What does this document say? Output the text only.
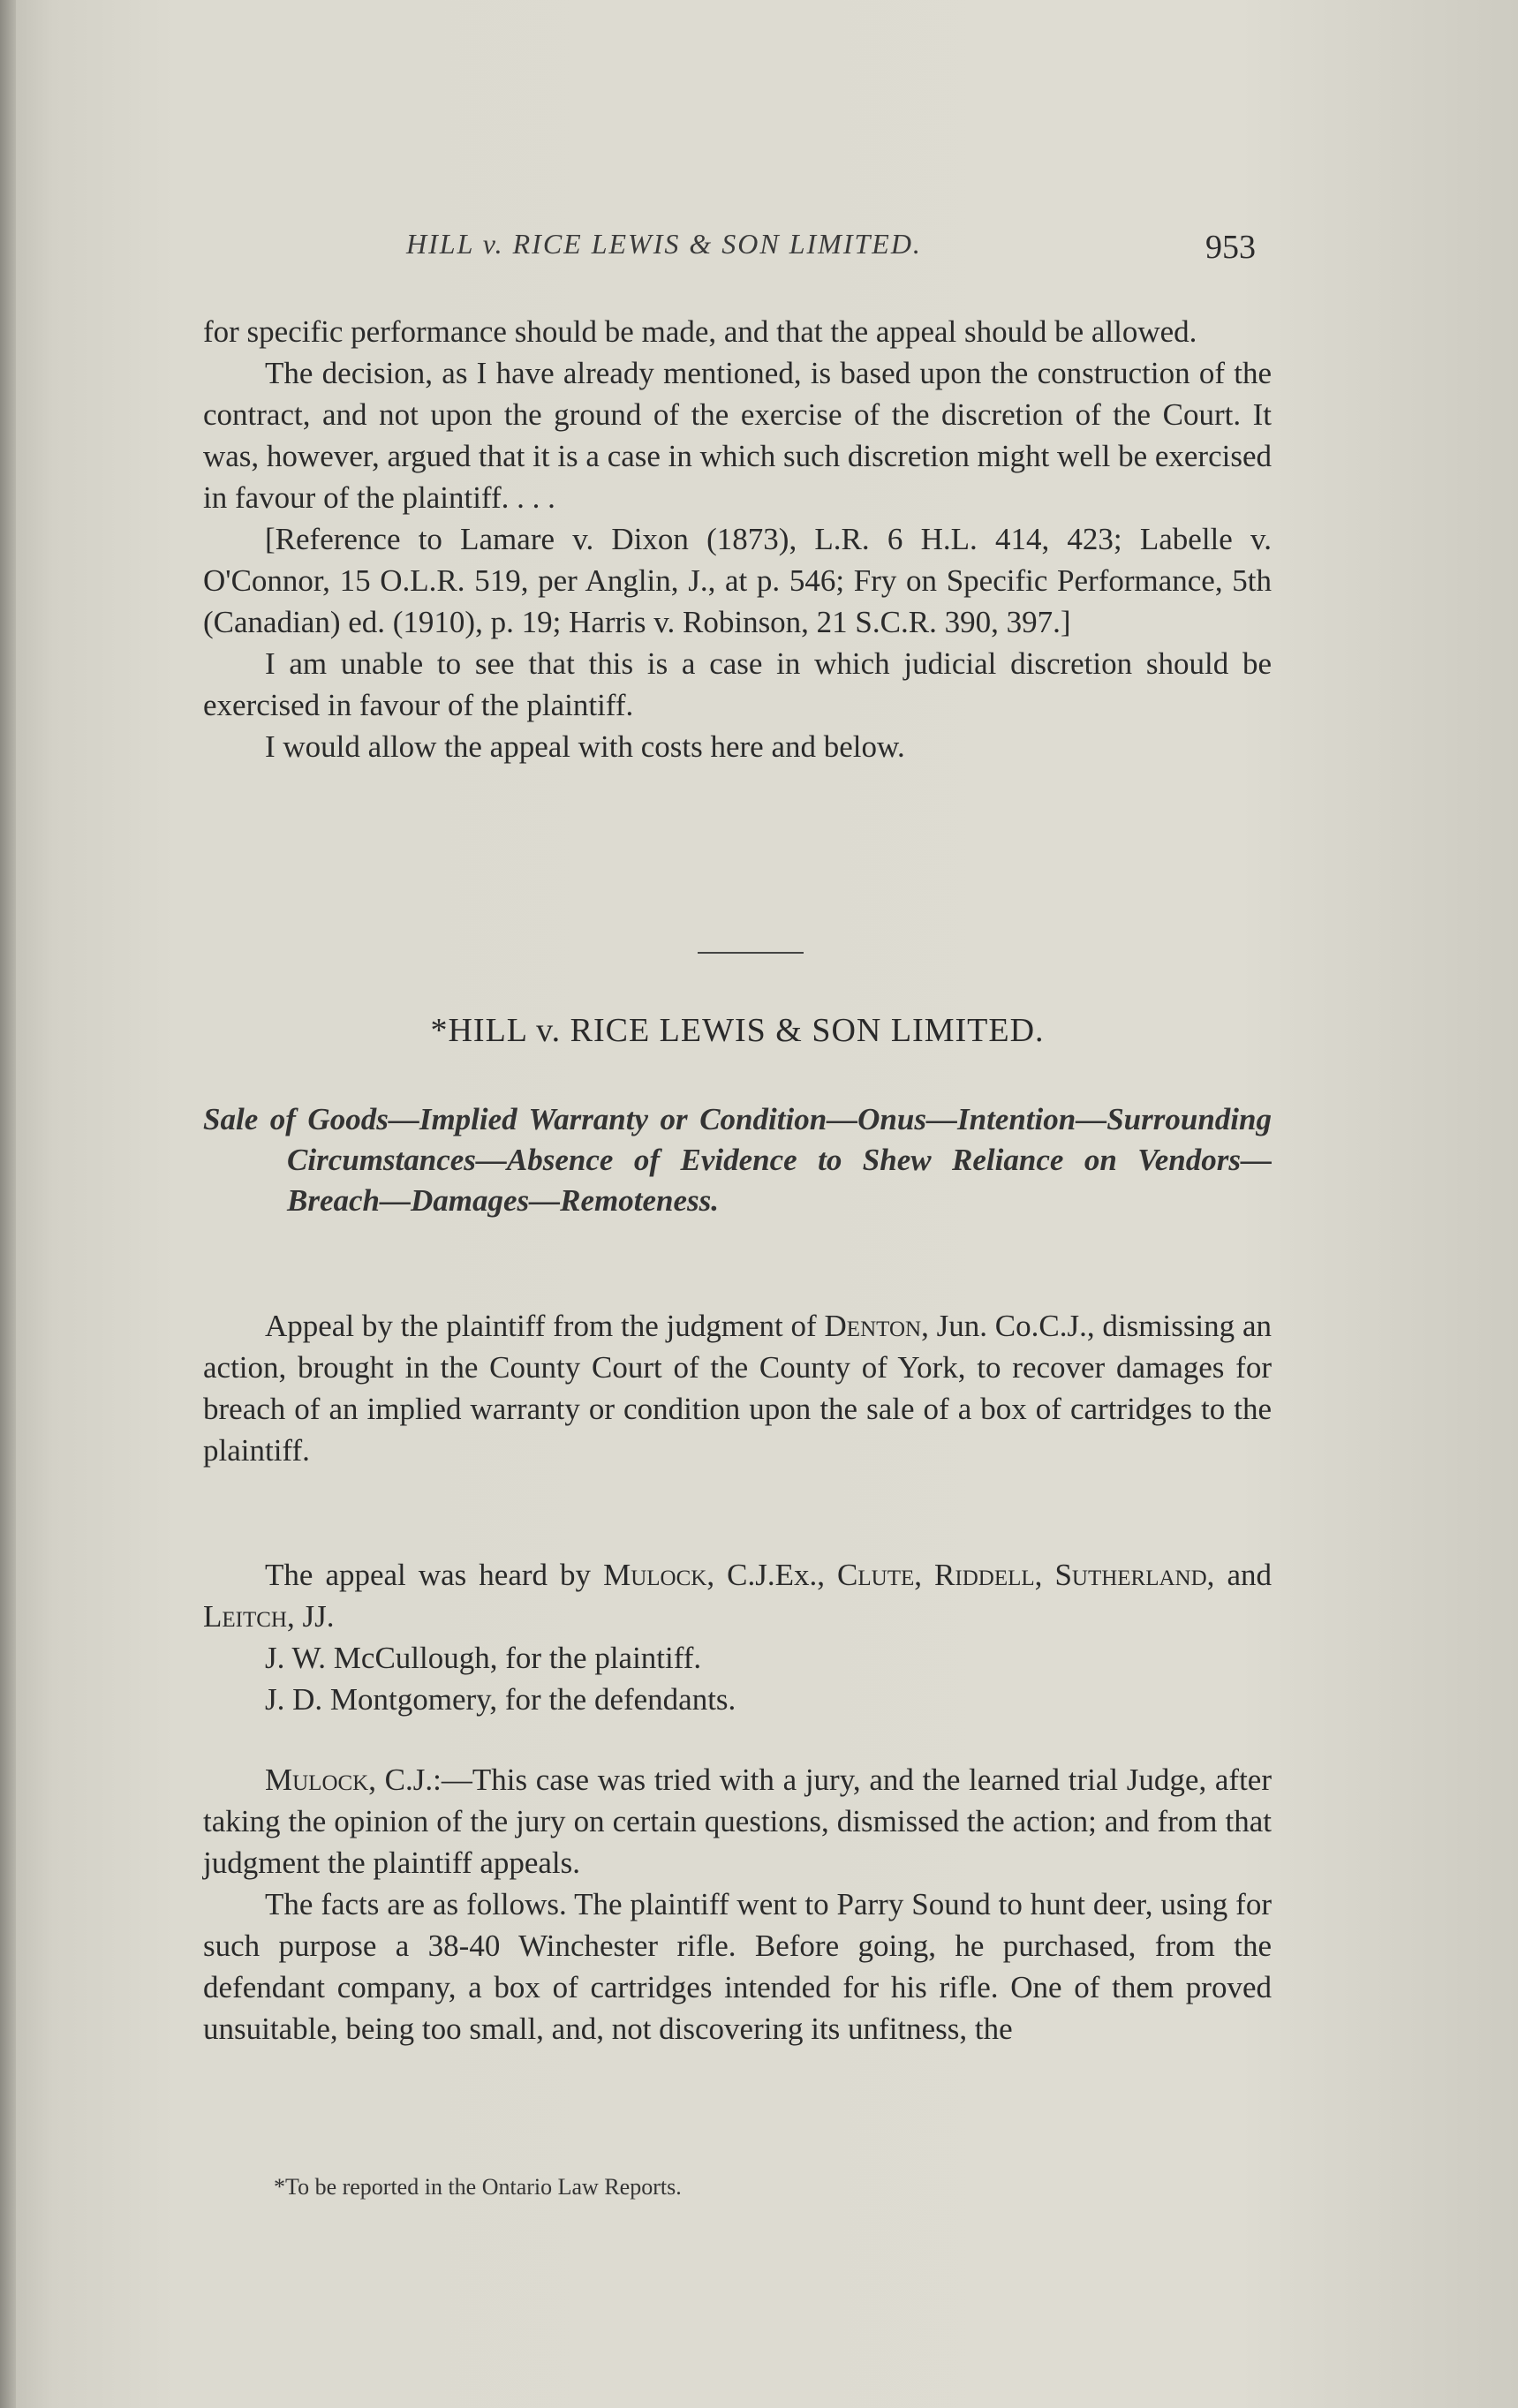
HILL v. RICE LEWIS & SON LIMITED.	953

for specific performance should be made, and that the appeal should be allowed.

The decision, as I have already mentioned, is based upon the construction of the contract, and not upon the ground of the exercise of the discretion of the Court. It was, however, argued that it is a case in which such discretion might well be exercised in favour of the plaintiff. . . .

[Reference to Lamare v. Dixon (1873), L.R. 6 H.L. 414, 423; Labelle v. O'Connor, 15 O.L.R. 519, per Anglin, J., at p. 546; Fry on Specific Performance, 5th (Canadian) ed. (1910), p. 19; Harris v. Robinson, 21 S.C.R. 390, 397.]

I am unable to see that this is a case in which judicial discretion should be exercised in favour of the plaintiff.

I would allow the appeal with costs here and below.

*HILL v. RICE LEWIS & SON LIMITED.
Sale of Goods—Implied Warranty or Condition—Onus—Intention—Surrounding Circumstances—Absence of Evidence to Shew Reliance on Vendors—Breach—Damages—Remoteness.

Appeal by the plaintiff from the judgment of Denton, Jun. Co.C.J., dismissing an action, brought in the County Court of the County of York, to recover damages for breach of an implied warranty or condition upon the sale of a box of cartridges to the plaintiff.

The appeal was heard by Mulock, C.J.Ex., Clute, Riddell, Sutherland, and Leitch, JJ.

J. W. McCullough, for the plaintiff.

J. D. Montgomery, for the defendants.

Mulock, C.J.:—This case was tried with a jury, and the learned trial Judge, after taking the opinion of the jury on certain questions, dismissed the action; and from that judgment the plaintiff appeals.

The facts are as follows. The plaintiff went to Parry Sound to hunt deer, using for such purpose a 38-40 Winchester rifle. Before going, he purchased, from the defendant company, a box of cartridges intended for his rifle. One of them proved unsuitable, being too small, and, not discovering its unfitness, the

*To be reported in the Ontario Law Reports.
